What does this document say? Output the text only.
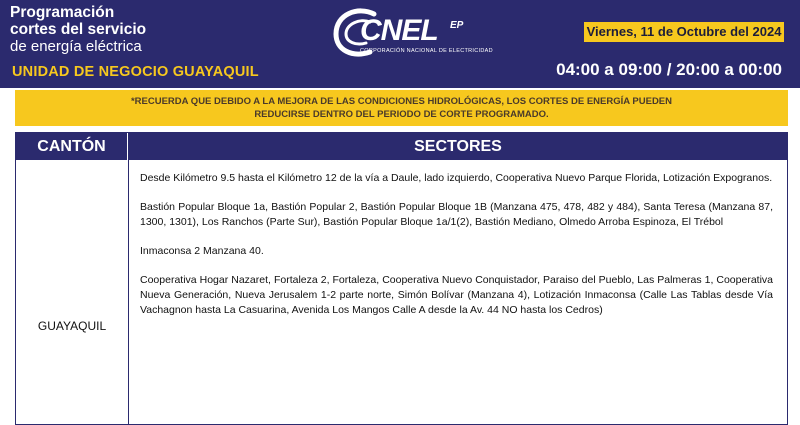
Programación
cortes del servicio
de energía eléctrica
UNIDAD DE NEGOCIO GUAYAQUIL
CNEL EP
CORPORACIÓN NACIONAL DE ELECTRICIDAD
Viernes, 11 de Octubre del 2024
04:00 a 09:00 / 20:00 a 00:00
*RECUERDA QUE DEBIDO A LA MEJORA DE LAS CONDICIONES HIDROLÓGICAS, LOS CORTES DE ENERGÍA PUEDEN REDUCIRSE DENTRO DEL PERIODO DE CORTE PROGRAMADO.
CANTÓN	SECTORES
GUAYAQUIL

Desde Kilómetro 9.5 hasta el Kilómetro 12 de la vía a Daule, lado izquierdo, Cooperativa Nuevo Parque Florida, Lotización Expogranos.

Bastión Popular Bloque 1a, Bastión Popular 2, Bastión Popular Bloque 1B (Manzana 475, 478, 482 y 484), Santa Teresa (Manzana 87, 1300, 1301), Los Ranchos (Parte Sur), Bastión Popular Bloque 1a/1(2), Bastión Mediano, Olmedo Arroba Espinoza, El Trébol

Inmaconsa 2 Manzana 40.

Cooperativa Hogar Nazaret, Fortaleza 2, Fortaleza, Cooperativa Nuevo Conquistador, Paraiso del Pueblo, Las Palmeras 1, Cooperativa Nueva Generación, Nueva Jerusalem 1-2 parte norte, Simón Bolívar (Manzana 4), Lotización Inmaconsa (Calle Las Tablas desde Vía Vachagnon hasta La Casuarina, Avenida Los Mangos Calle A desde la Av. 44 NO hasta los Cedros)
